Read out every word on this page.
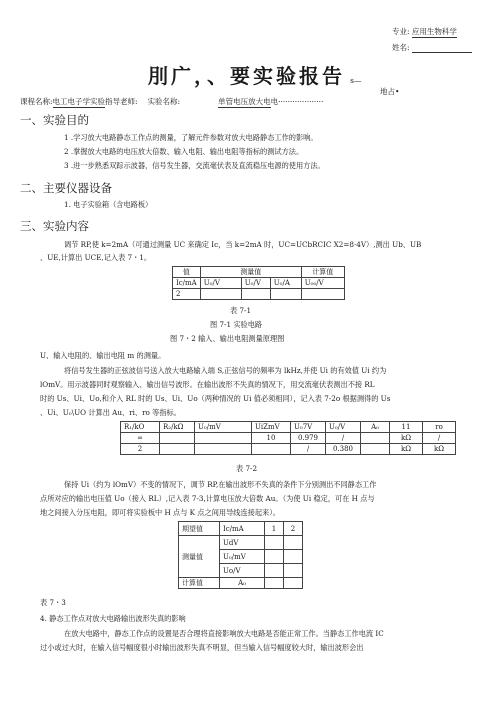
专业: 应用生物科学
姓名:
刖广，、要实验报告 s—
地占•
课程名称:电工电子学实验指导老师: 实验名称:	单管电压放大电电···················
一、实验目的
1 .学习放大电路静态工作点的测量，了解元件参数对放大电路静态工作的影响。
2 .掌握放大电路的电压放大倍数、输入电阻、输出电阻等指标的测试方法。
3 .进一步熟悉双踪示波器，信号发生器，交流毫伏表及直流稳压电源的使用方法。
二、主要仪器设备
1. 电子实验箱（含电路板）
三、实验内容
调节 RP,使 k=2mA（可通过测量 UC 来确定 Ic，当 k=2mA 时，UC=UCbRCIC X2=8·4V）,测出 Ub、UB
、UE,计算出 UCE,记入表 7・1。
值	测量值			计算值
Ic/mA	U₀/V	U₀/V	U₀/A	U₀₀/V
2				
表 7-1
图 7-1 实验电路
图 7・2 输入、输出电阻测量原理图
U、输入电阻的、输出电阻 m 的测量。
将信号发生器的正弦波信号送入放大电路输入端 S,正弦信号的频率为 lkHz,并使 Ui 的有效值 Ui 约为
lOmV。用示波器同时观察输入、输出信号波形。在输出波形不失真的情况下，用交流毫伏表测出不接 RL
时的 Us、Ui、Uo,和介入 RL 时的 Us、Ui、Uo（两种情况的 Ui 值必须相同），记入表 7-2o 根据测得的 Us
、Ui、U₀\UO 计算出 Au、ri、ro 等指标。
R₁/kO	R₂/kΩ	U₀/mV	UiZmV	U₀7V	U₀/V	A₀	11	ro
∞			10	0.979	/		kΩ	/
2				/	0.380		kΩ	kΩ
表 7-2
保持 Ui（约为 lOmV）不变的情况下，调节 RP,在输出波形不失真的条件下分别测出不同静态工作
点所对应的输出电压值 Uo（接入 RL）,记入表 7-3,计算电压放大倍数 Au。（为使 Ui 稳定，可在 H 点与
地之间接入分压电阻，即可将实验板中 H 点与 K 点之间用导线连接起来）。
期望值	Ic/mA	1	2
测量值	UdV		
	U₀/mV		
	Uo/V		
计算值	A₀		
表 7・3
4. 静态工作点对放大电路输出波形失真的影响
在放大电路中，静态工作点的设置是否合理将直接影响放大电路是否能正常工作。当静态工作电流 IC
过小或过大时，在输入信号幅度很小时输出波形失真不明显，但当输入信号幅度较大时，输出波形会出
